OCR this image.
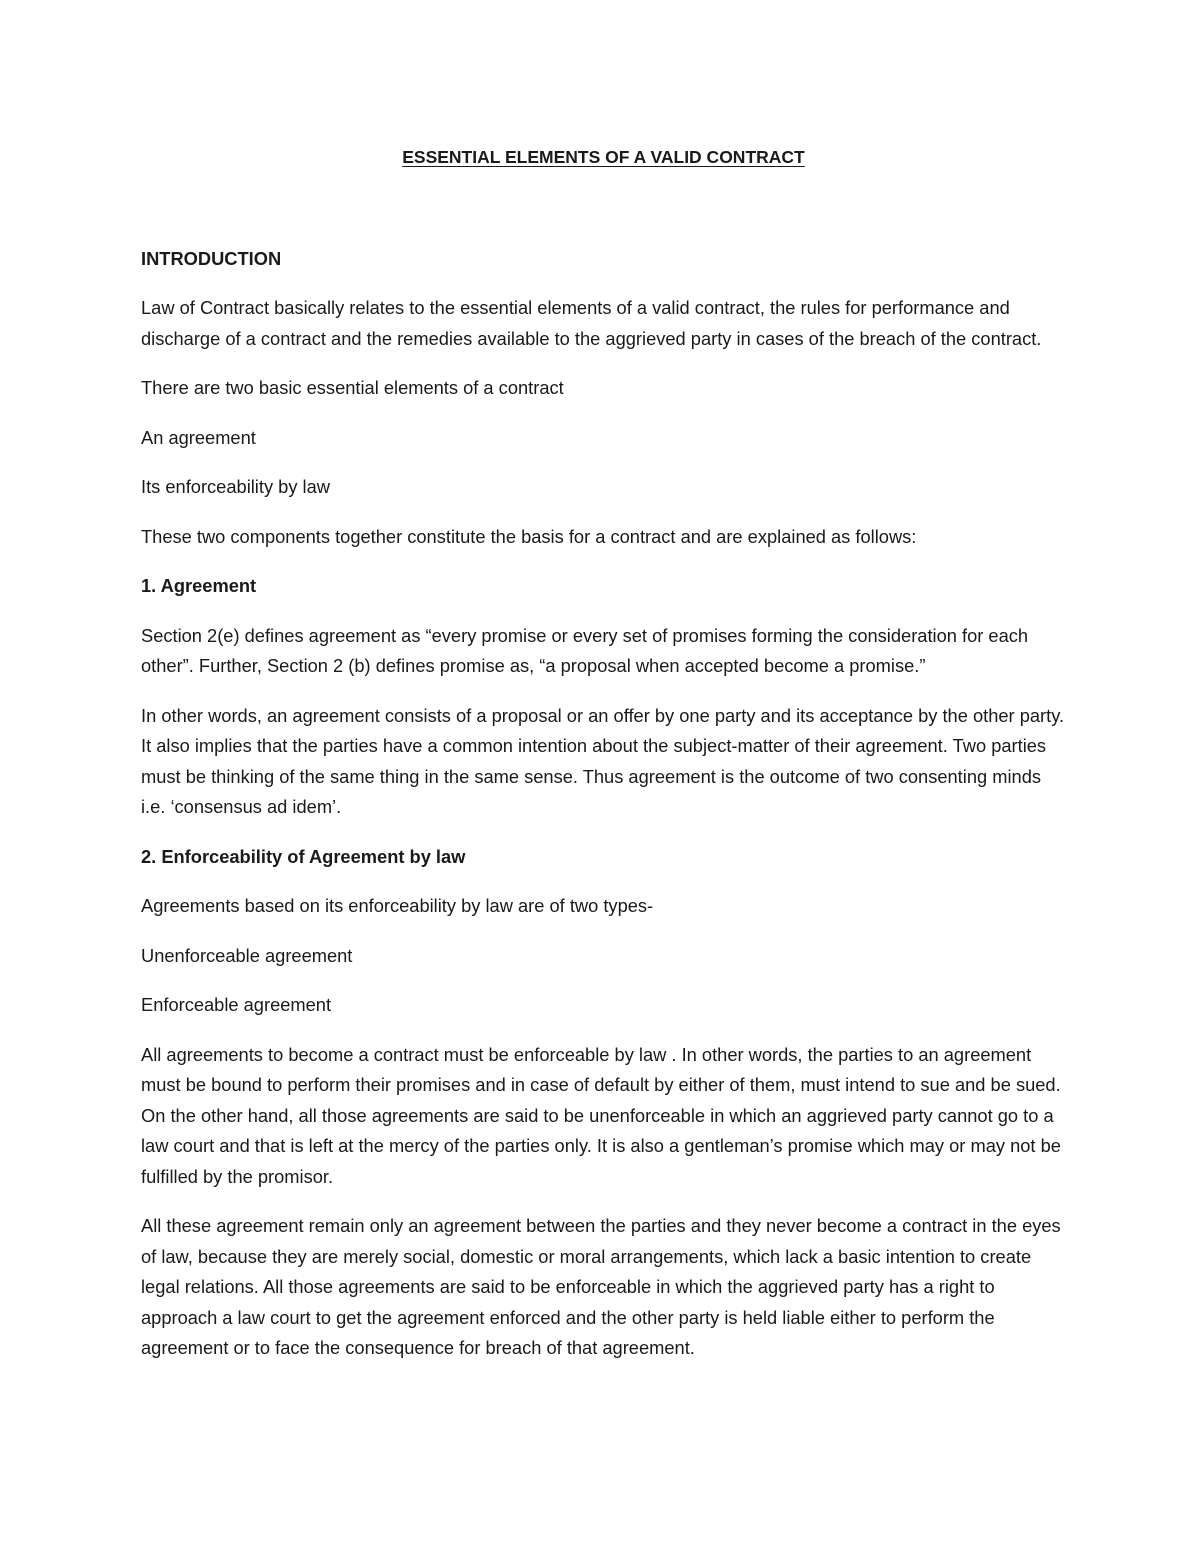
ESSENTIAL ELEMENTS OF A VALID CONTRACT
INTRODUCTION
Law of Contract basically relates to the essential elements of a valid contract, the rules for performance and discharge of a contract and the remedies available to the aggrieved party in cases of the breach of the contract.
There are two basic essential elements of a contract
An agreement
Its enforceability by law
These two components together constitute the basis for a contract and are explained as follows:
1. Agreement
Section 2(e) defines agreement as “every promise or every set of promises forming the consideration for each other”. Further, Section 2 (b) defines promise as, “a proposal when accepted become a promise.”
In other words, an agreement consists of a proposal or an offer by one party and its acceptance by the other party. It also implies that the parties have a common intention about the subject-matter of their agreement. Two parties must be thinking of the same thing in the same sense. Thus agreement is the outcome of two consenting minds i.e. ‘consensus ad idem’.
2. Enforceability of Agreement by law
Agreements based on its enforceability by law are of two types-
Unenforceable agreement
Enforceable agreement
All agreements to become a contract must be enforceable by law . In other words, the parties to an agreement must be bound to perform their promises and in case of default by either of them, must intend to sue and be sued. On the other hand, all those agreements are said to be unenforceable in which an aggrieved party cannot go to a law court and that is left at the mercy of the parties only. It is also a gentleman’s promise which may or may not be fulfilled by the promisor.
All these agreement remain only an agreement between the parties and they never become a contract in the eyes of law, because they are merely social, domestic or moral arrangements, which lack a basic intention to create legal relations. All those agreements are said to be enforceable in which the aggrieved party has a right to approach a law court to get the agreement enforced and the other party is held liable either to perform the agreement or to face the consequence for breach of that agreement.
